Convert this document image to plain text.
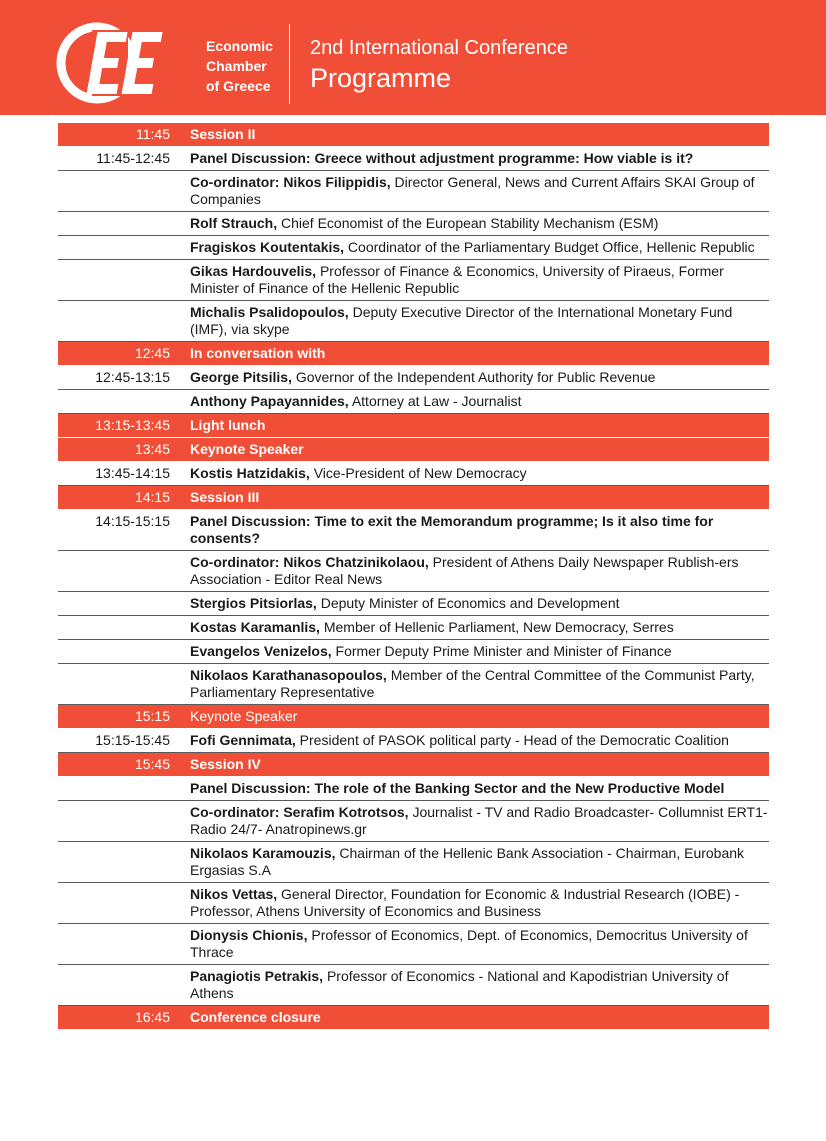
Economic
Chamber
of Greece
2nd International Conference
Programme
11:45	Session II
11:45-12:45	Panel Discussion: Greece without adjustment programme: How viable is it?
Co-ordinator: Nikos Filippidis, Director General, News and Current Affairs SKAI Group of Companies
Rolf Strauch, Chief Economist of the European Stability Mechanism (ESM)
Fragiskos Koutentakis, Coordinator of the Parliamentary Budget Office, Hellenic Republic
Gikas Hardouvelis, Professor of Finance & Economics, University of Piraeus, Former Minister of Finance of the Hellenic Republic
Michalis Psalidopoulos, Deputy Executive Director of the International Monetary Fund (IMF), via skype
12:45	In conversation with
12:45-13:15	George Pitsilis, Governor of the Independent Authority for Public Revenue
Anthony Papayannides, Attorney at Law - Journalist
13:15-13:45	Light lunch
13:45	Keynote Speaker
13:45-14:15	Kostis Hatzidakis, Vice-President of New Democracy
14:15	Session III
14:15-15:15	Panel Discussion: Time to exit the Memorandum programme; Is it also time for consents?
Co-ordinator: Nikos Chatzinikolaou, President of Athens Daily Newspaper Rublish-ers Association - Editor Real News
Stergios Pitsiorlas, Deputy Minister of Economics and Development
Kostas Karamanlis, Member of Hellenic Parliament, New Democracy, Serres
Evangelos Venizelos, Former Deputy Prime Minister and Minister of Finance
Nikolaos Karathanasopoulos, Member of the Central Committee of the Communist Party, Parliamentary Representative
15:15	Keynote Speaker
15:15-15:45	Fofi Gennimata, President of PASOK political party - Head of the Democratic Coalition
15:45	Session IV
Panel Discussion: The role of the Banking Sector and the New Productive Model
Co-ordinator: Serafim Kotrotsos, Journalist - TV and Radio Broadcaster- Collumnist ERT1- Radio 24/7- Anatropinews.gr
Nikolaos Karamouzis, Chairman of the Hellenic Bank Association - Chairman, Eurobank Ergasias S.A
Nikos Vettas, General Director, Foundation for Economic & Industrial Research (IOBE) - Professor, Athens University of Economics and Business
Dionysis Chionis, Professor of Economics, Dept. of Economics, Democritus University of Thrace
Panagiotis Petrakis, Professor of Economics - National and Kapodistrian University of Athens
16:45	Conference closure
